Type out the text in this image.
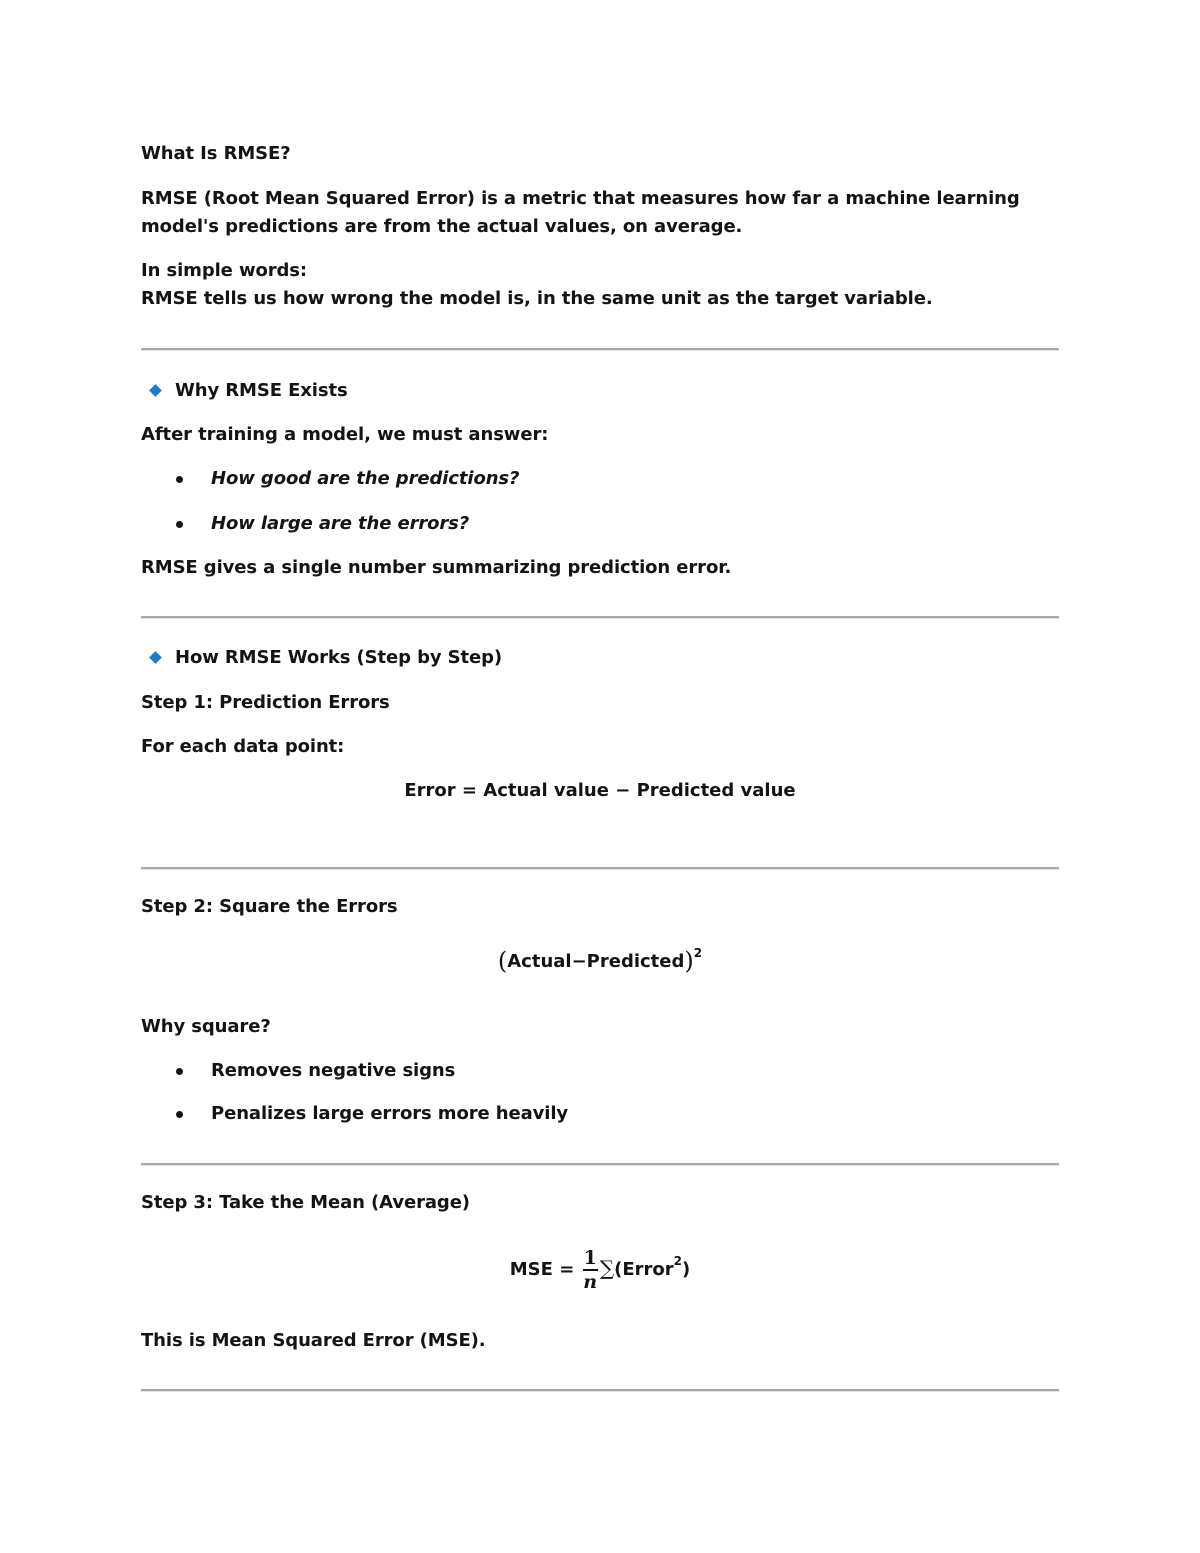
What Is RMSE?
RMSE (Root Mean Squared Error) is a metric that measures how far a machine learning
model's predictions are from the actual values, on average.
In simple words:
RMSE tells us how wrong the model is, in the same unit as the target variable.
Why RMSE Exists
After training a model, we must answer:
How good are the predictions?
How large are the errors?
RMSE gives a single number summarizing prediction error.
How RMSE Works (Step by Step)
Step 1: Prediction Errors
For each data point:
Error = Actual value − Predicted value
Step 2: Square the Errors
(Actual−Predicted)$^2$
Why square?
Removes negative signs
Penalizes large errors more heavily
Step 3: Take the Mean (Average)
MSE = $\frac{1}{n}$ ∑(Error$^2$)
This is Mean Squared Error (MSE).
